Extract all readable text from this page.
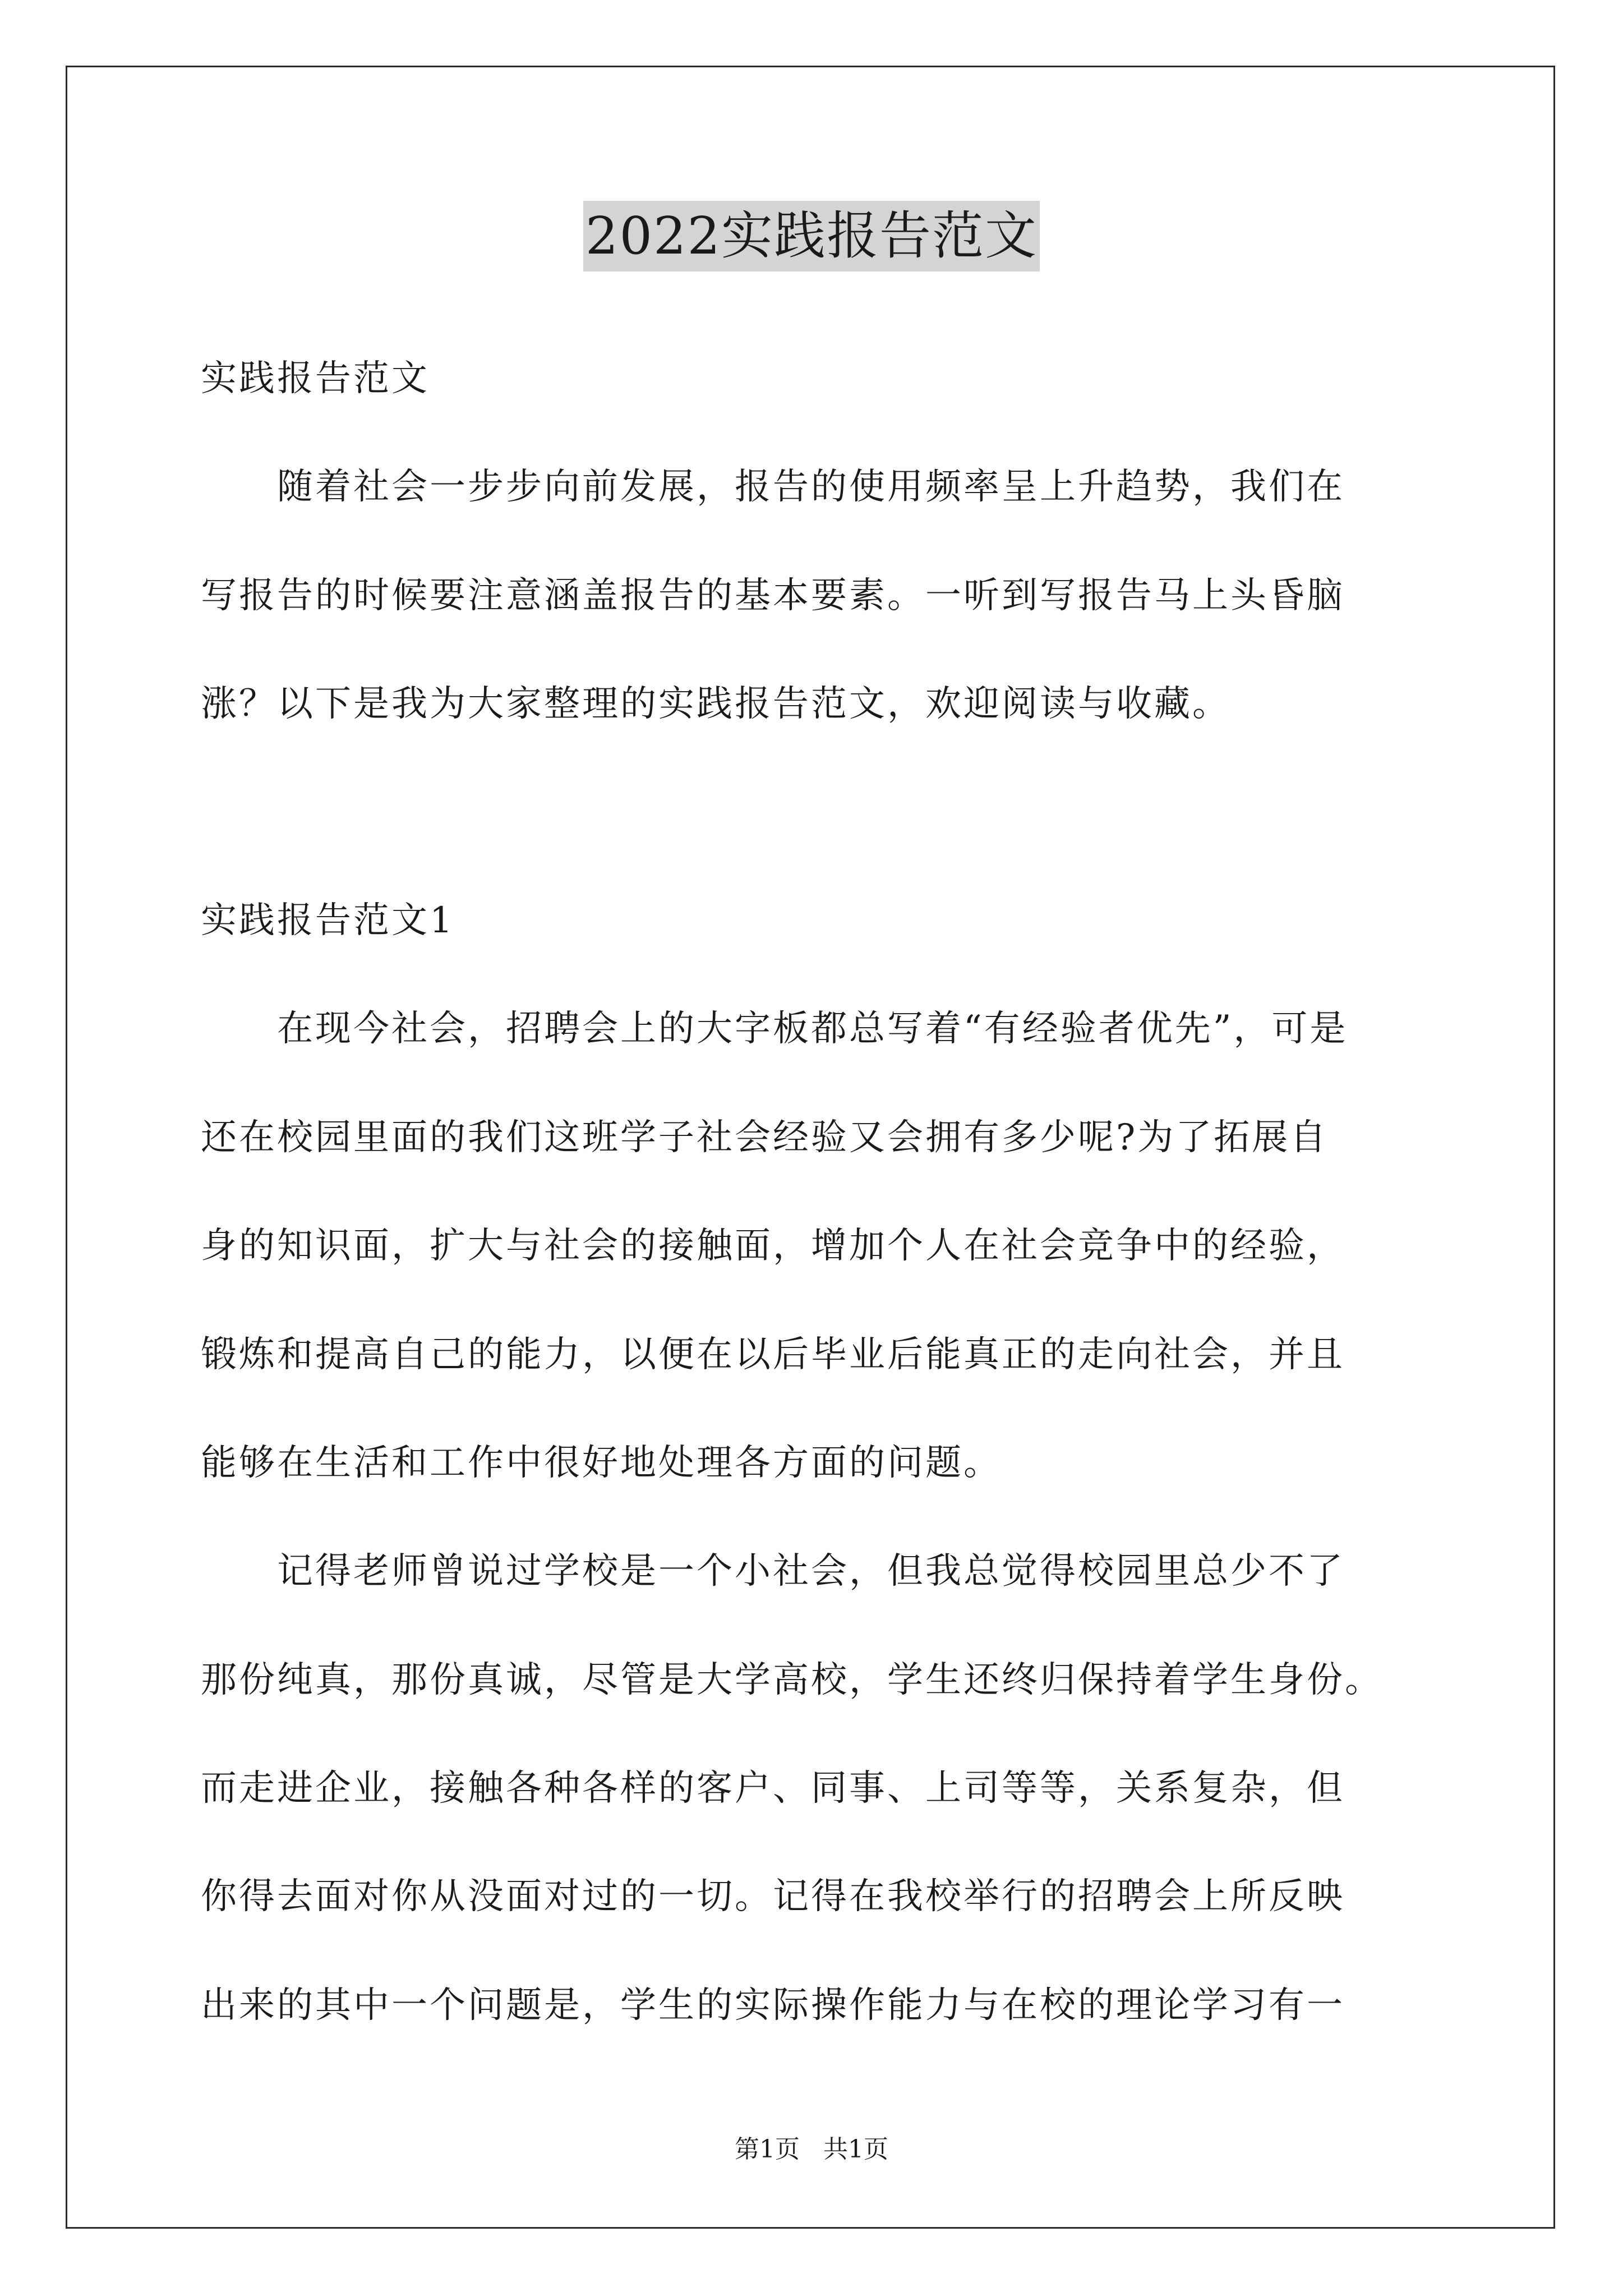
2022实践报告范文
实践报告范文
　　随着社会一步步向前发展，报告的使用频率呈上升趋势，我们在
写报告的时候要注意涵盖报告的基本要素。一听到写报告马上头昏脑
涨？以下是我为大家整理的实践报告范文，欢迎阅读与收藏。
实践报告范文1
　　在现今社会，招聘会上的大字板都总写着“有经验者优先”，可是
还在校园里面的我们这班学子社会经验又会拥有多少呢?为了拓展自
身的知识面，扩大与社会的接触面，增加个人在社会竞争中的经验，
锻炼和提高自己的能力，以便在以后毕业后能真正的走向社会，并且
能够在生活和工作中很好地处理各方面的问题。
　　记得老师曾说过学校是一个小社会，但我总觉得校园里总少不了
那份纯真，那份真诚，尽管是大学高校，学生还终归保持着学生身份。
而走进企业，接触各种各样的客户、同事、上司等等，关系复杂，但
你得去面对你从没面对过的一切。记得在我校举行的招聘会上所反映
出来的其中一个问题是，学生的实际操作能力与在校的理论学习有一
第1页 共1页
